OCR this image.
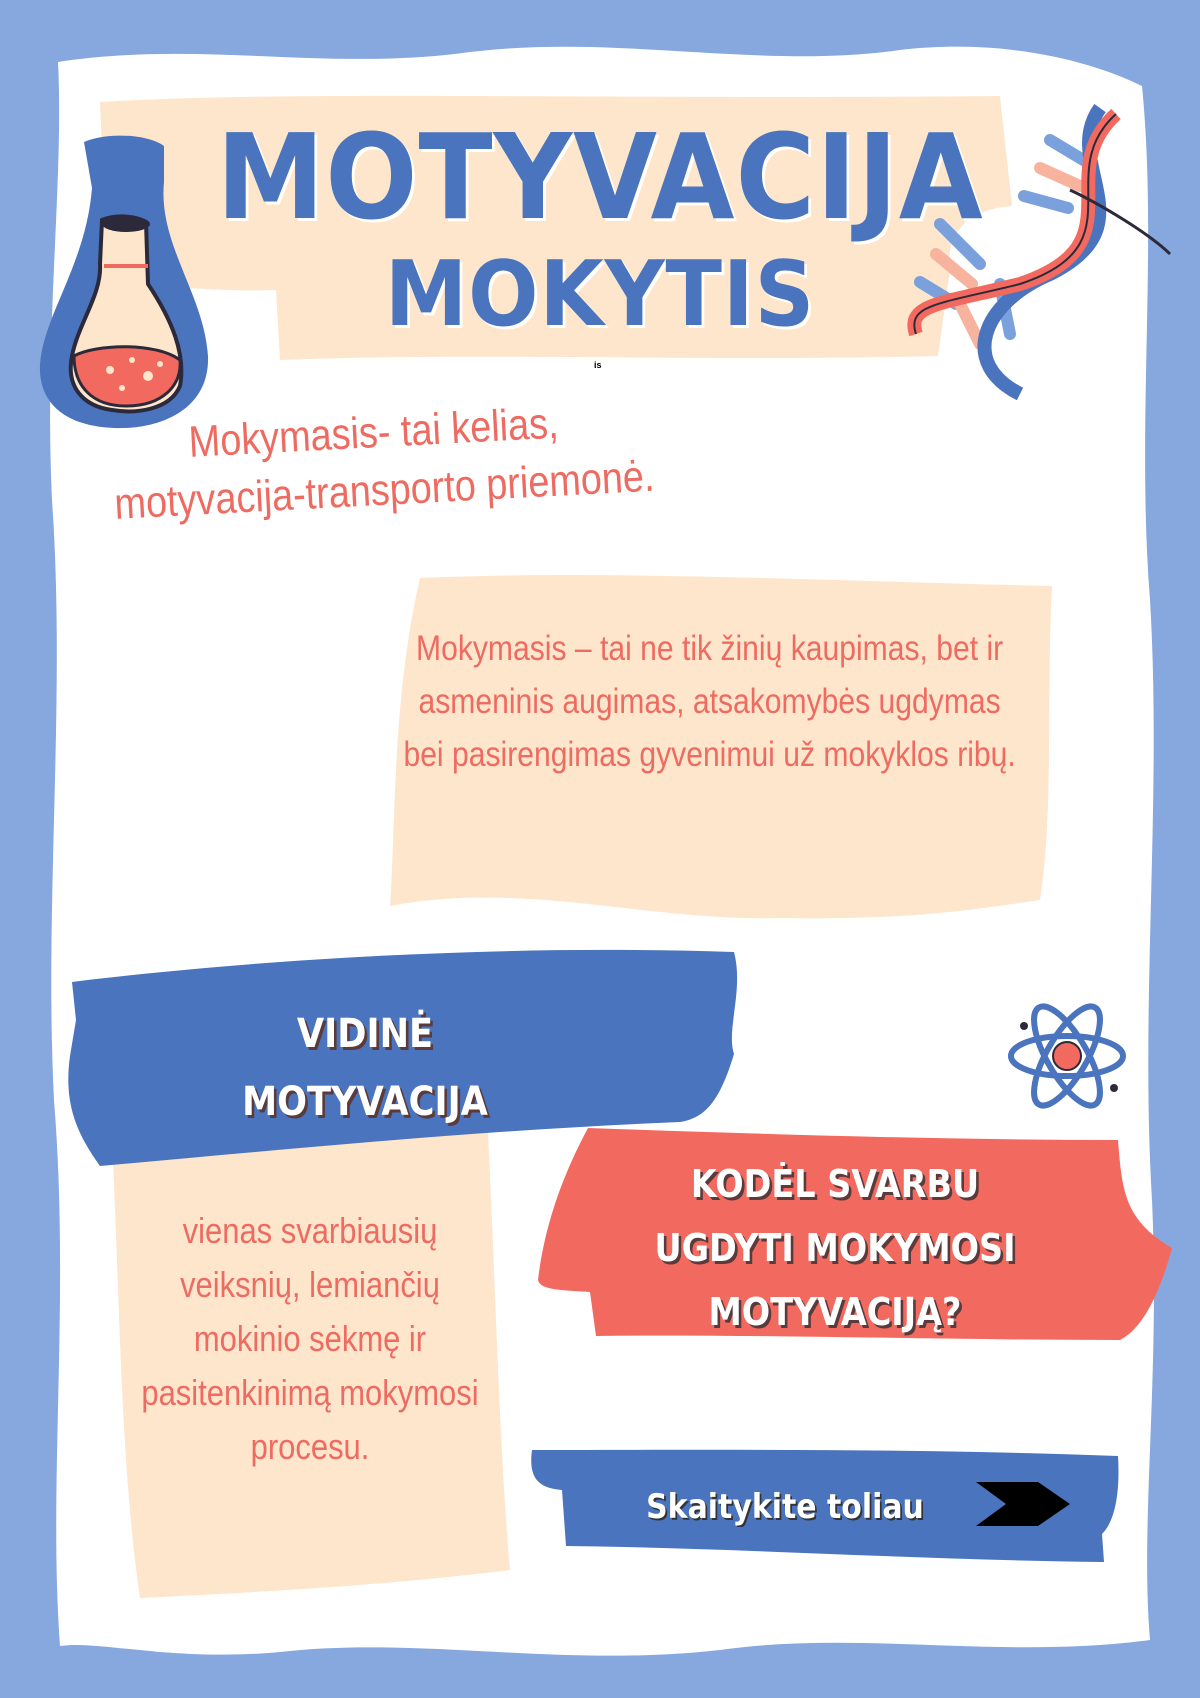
MOTYVACIJA
MOKYTIS
is
Mokymasis- tai kelias,
motyvacija-transporto priemonė.
Mokymasis – tai ne tik žinių kaupimas, bet ir asmeninis augimas, atsakomybės ugdymas bei pasirengimas gyvenimui už mokyklos ribų.
VIDINĖ
MOTYVACIJA
vienas svarbiausių veiksnių, lemiančių mokinio sėkmę ir pasitenkinimą mokymosi procesu.
KODĖL SVARBU
UGDYTI MOKYMOSI
MOTYVACIJĄ?
Skaitykite toliau
